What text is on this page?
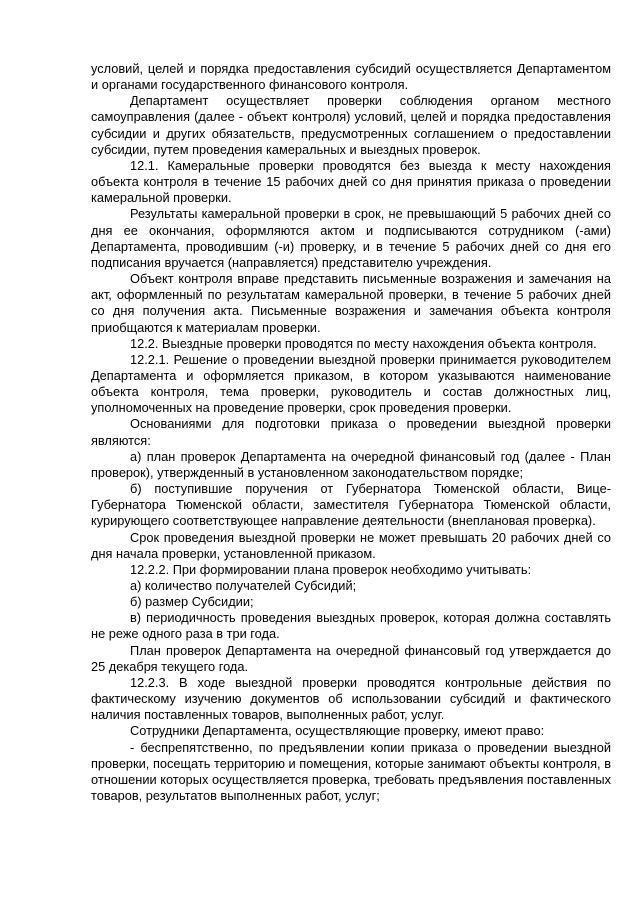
условий, целей и порядка предоставления субсидий осуществляется Департаментом и органами государственного финансового контроля.

Департамент осуществляет проверки соблюдения органом местного самоуправления (далее - объект контроля) условий, целей и порядка предоставления субсидии и других обязательств, предусмотренных соглашением о предоставлении субсидии, путем проведения камеральных и выездных проверок.

12.1. Камеральные проверки проводятся без выезда к месту нахождения объекта контроля в течение 15 рабочих дней со дня принятия приказа о проведении камеральной проверки.

Результаты камеральной проверки в срок, не превышающий 5 рабочих дней со дня ее окончания, оформляются актом и подписываются сотрудником (-ами) Департамента, проводившим (-и) проверку, и в течение 5 рабочих дней со дня его подписания вручается (направляется) представителю учреждения.

Объект контроля вправе представить письменные возражения и замечания на акт, оформленный по результатам камеральной проверки, в течение 5 рабочих дней со дня получения акта. Письменные возражения и замечания объекта контроля приобщаются к материалам проверки.

12.2. Выездные проверки проводятся по месту нахождения объекта контроля.

12.2.1. Решение о проведении выездной проверки принимается руководителем Департамента и оформляется приказом, в котором указываются наименование объекта контроля, тема проверки, руководитель и состав должностных лиц, уполномоченных на проведение проверки, срок проведения проверки.

Основаниями для подготовки приказа о проведении выездной проверки являются:

а) план проверок Департамента на очередной финансовый год (далее - План проверок), утвержденный в установленном законодательством порядке;

б) поступившие поручения от Губернатора Тюменской области, Вице-Губернатора Тюменской области, заместителя Губернатора Тюменской области, курирующего соответствующее направление деятельности (внеплановая проверка).

Срок проведения выездной проверки не может превышать 20 рабочих дней со дня начала проверки, установленной приказом.

12.2.2. При формировании плана проверок необходимо учитывать:

а) количество получателей Субсидий;

б) размер Субсидии;

в) периодичность проведения выездных проверок, которая должна составлять не реже одного раза в три года.

План проверок Департамента на очередной финансовый год утверждается до 25 декабря текущего года.

12.2.3. В ходе выездной проверки проводятся контрольные действия по фактическому изучению документов об использовании субсидий и фактического наличия поставленных товаров, выполненных работ, услуг.

Сотрудники Департамента, осуществляющие проверку, имеют право:

- беспрепятственно, по предъявлении копии приказа о проведении выездной проверки, посещать территорию и помещения, которые занимают объекты контроля, в отношении которых осуществляется проверка, требовать предъявления поставленных товаров, результатов выполненных работ, услуг;
